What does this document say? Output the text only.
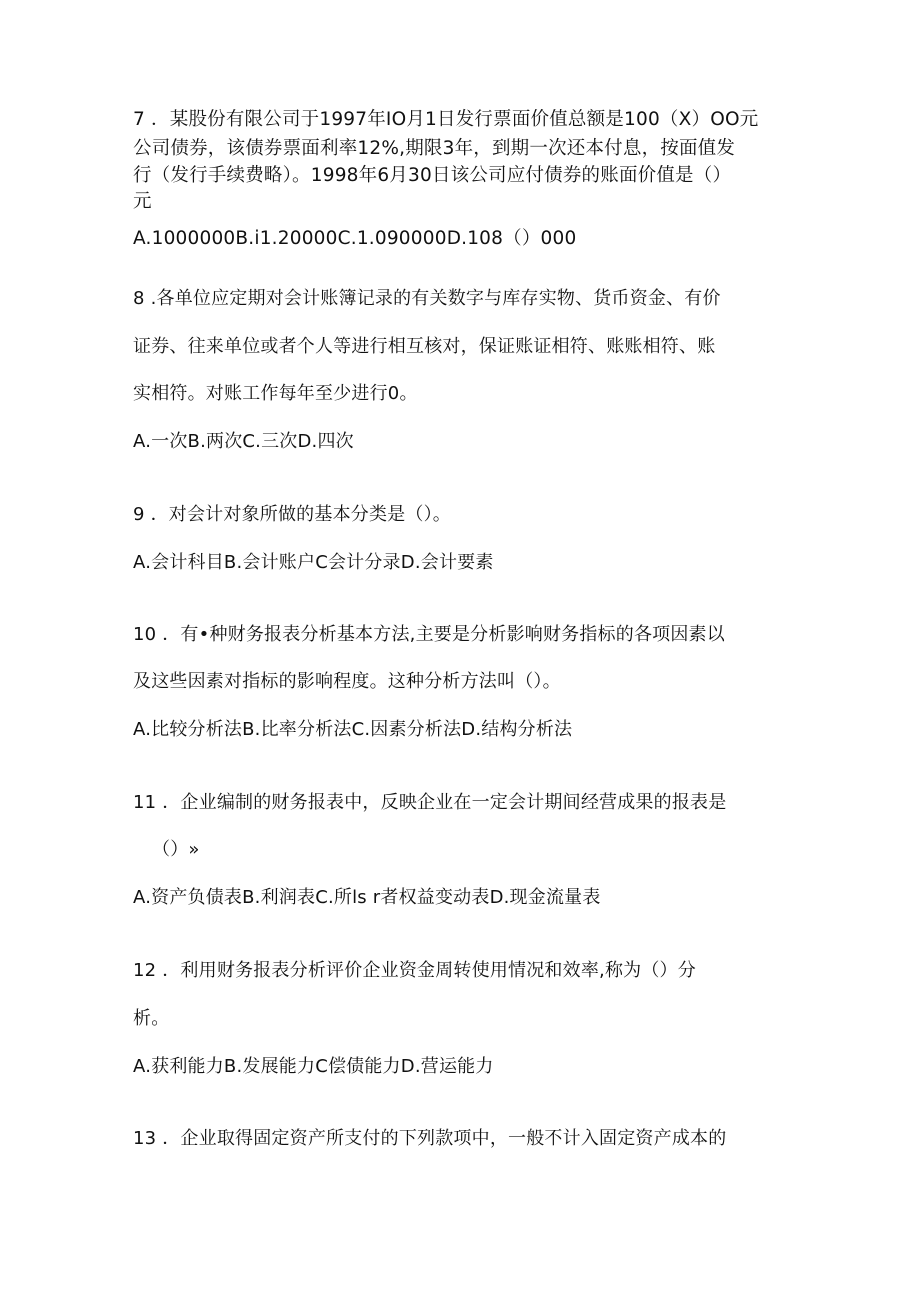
7 ．某股份有限公司于1997年IO月1日发行票面价值总额是100（X）OO元
公司债券，该债券票面利率12%,期限3年，到期一次还本付息，按面值发
行（发行手续费略）。1998年6月30日该公司应付债券的账面价值是（）
元
A.1000000B.i1.20000C.1.090000D.108（）000
8 .各单位应定期对会计账簿记录的有关数字与库存实物、货币资金、有价
证券、往来单位或者个人等进行相互核对，保证账证相符、账账相符、账
实相符。对账工作每年至少进行0。
A.一次B.两次C.三次D.四次
9 ．对会计对象所做的基本分类是（）。
A.会计科目B.会计账户C会计分录D.会计要素
10 ．有•种财务报表分析基本方法,主要是分析影响财务指标的各项因素以
及这些因素对指标的影响程度。这种分析方法叫（）。
A.比较分析法B.比率分析法C.因素分析法D.结构分析法
11 ．企业编制的财务报表中，反映企业在一定会计期间经营成果的报表是
（）»
A.资产负债表B.利润表C.所ls r者权益变动表D.现金流量表
12 ．利用财务报表分析评价企业资金周转使用情况和效率,称为（）分
析。
A.获利能力B.发展能力C偿债能力D.营运能力
13 ．企业取得固定资产所支付的下列款项中，一般不计入固定资产成本的
